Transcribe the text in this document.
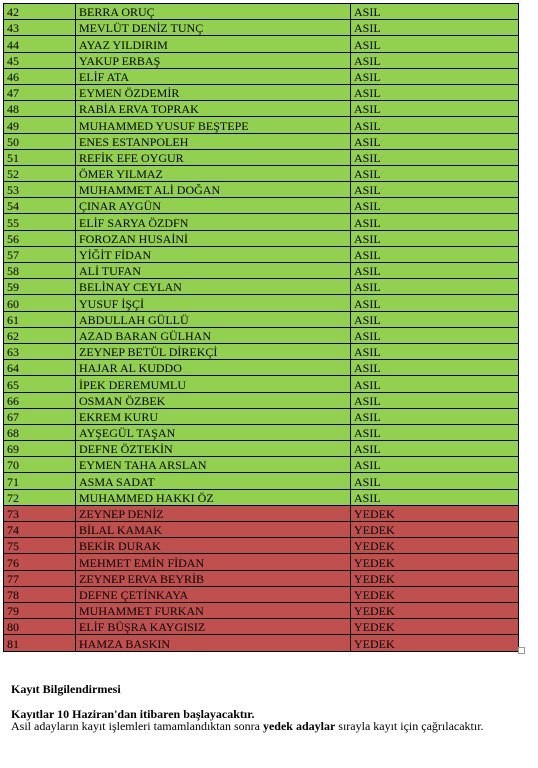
42	BERRA ORUÇ	ASIL
43	MEVLÜT DENİZ TUNÇ	ASIL
44	AYAZ YILDIRIM	ASIL
45	YAKUP ERBAŞ	ASIL
46	ELİF ATA	ASIL
47	EYMEN ÖZDEMİR	ASIL
48	RABİA ERVA TOPRAK	ASIL
49	MUHAMMED YUSUF BEŞTEPE	ASIL
50	ENES ESTANPOLEH	ASIL
51	REFİK EFE OYGUR	ASIL
52	ÖMER YILMAZ	ASIL
53	MUHAMMET ALİ DOĞAN	ASIL
54	ÇINAR AYGÜN	ASIL
55	ELİF SARYA ÖZDFN	ASIL
56	FOROZAN HUSAİNİ	ASIL
57	YİĞİT FİDAN	ASIL
58	ALİ TUFAN	ASIL
59	BELİNAY CEYLAN	ASIL
60	YUSUF İŞÇİ	ASIL
61	ABDULLAH GÜLLÜ	ASIL
62	AZAD BARAN GÜLHAN	ASIL
63	ZEYNEP BETÜL DİREKÇİ	ASIL
64	HAJAR AL KUDDO	ASIL
65	İPEK DEREMUMLU	ASIL
66	OSMAN ÖZBEK	ASIL
67	EKREM KURU	ASIL
68	AYŞEGÜL TAŞAN	ASIL
69	DEFNE ÖZTEKİN	ASIL
70	EYMEN TAHA ARSLAN	ASIL
71	ASMA SADAT	ASIL
72	MUHAMMED HAKKI ÖZ	ASIL
73	ZEYNEP DENİZ	YEDEK
74	BİLAL KAMAK	YEDEK
75	BEKİR DURAK	YEDEK
76	MEHMET EMİN FİDAN	YEDEK
77	ZEYNEP ERVA BEYRİB	YEDEK
78	DEFNE ÇETİNKAYA	YEDEK
79	MUHAMMET FURKAN	YEDEK
80	ELİF BÜŞRA KAYGISIZ	YEDEK
81	HAMZA BASKIN	YEDEK
Kayıt Bilgilendirmesi
Kayıtlar 10 Haziran'dan itibaren başlayacaktır.
Asil adayların kayıt işlemleri tamamlandıktan sonra yedek adaylar sırayla kayıt için çağrılacaktır.
